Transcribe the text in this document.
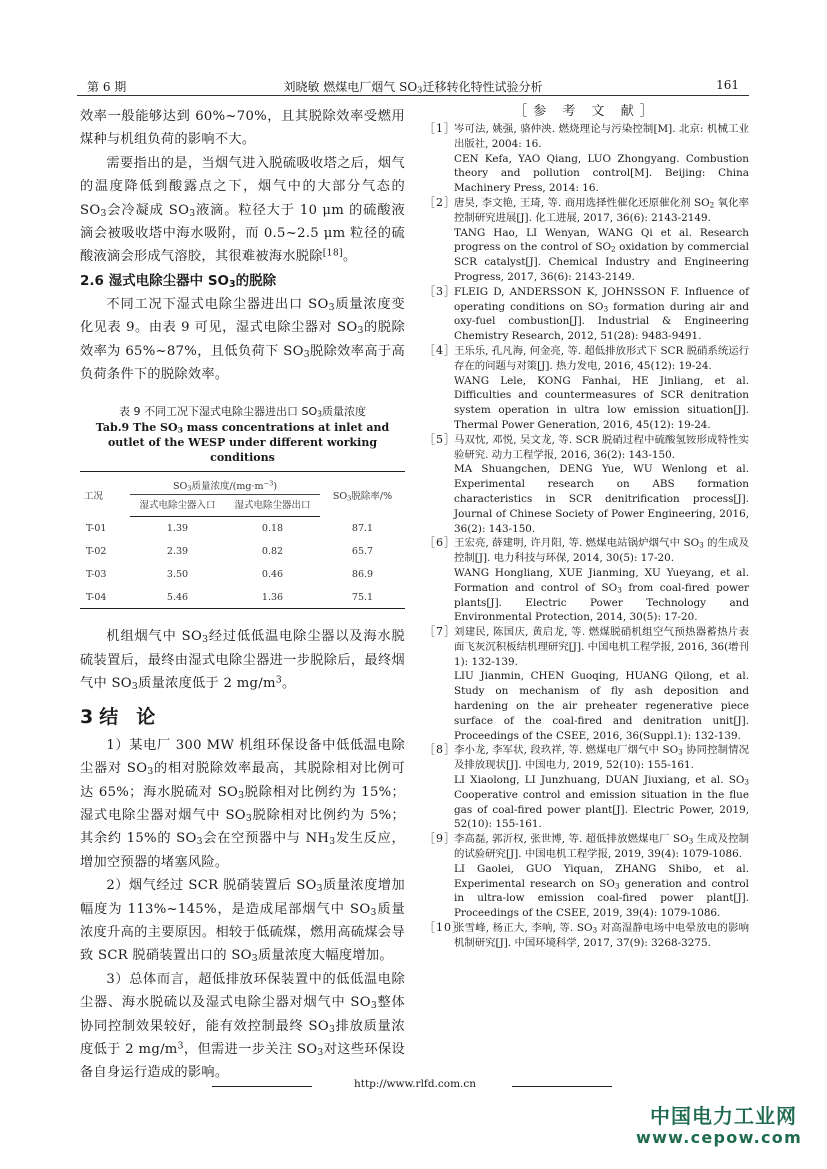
第 6 期	刘晓敏 燃煤电厂烟气 $SO_3$迁移转化特性试验分析	161

效率一般能够达到 60%~70%，且其脱除效率受燃用煤种与机组负荷的影响不大。

需要指出的是，当烟气进入脱硫吸收塔之后，烟气的温度降低到酸露点之下，烟气中的大部分气态的 $SO_3$会冷凝成 $SO_3$液滴。粒径大于 10 μm 的硫酸液滴会被吸收塔中海水吸附，而 0.5~2.5 μm 粒径的硫酸液滴会形成气溶胶，其很难被海水脱除[18]。

2.6 湿式电除尘器中 $SO_3$的脱除

不同工况下湿式电除尘器进出口 $SO_3$质量浓度变化见表 9。由表 9 可见，湿式电除尘器对 $SO_3$的脱除效率为 65%~87%，且低负荷下 $SO_3$脱除效率高于高负荷条件下的脱除效率。

表 9 不同工况下湿式电除尘器进出口 $SO_3$质量浓度
Tab.9 The $SO_3$ mass concentrations at inlet and outlet of the WESP under different working conditions
工况	$SO_3$质量浓度$/(mg\cdot m^{-3})$		$SO_3$脱除率/%
	湿式电除尘器入口	湿式电除尘器出口	
T-01	1.39	0.18	87.1
T-02	2.39	0.82	65.7
T-03	3.50	0.46	86.9
T-04	5.46	1.36	75.1

机组烟气中 $SO_3$经过低低温电除尘器以及海水脱硫装置后，最终由湿式电除尘器进一步脱除后，最终烟气中 $SO_3$质量浓度低于 2 $mg/m^3$。

3 结论

1）某电厂 300 MW 机组环保设备中低低温电除尘器对 $SO_3$的相对脱除效率最高，其脱除相对比例可达 65%；海水脱硫对 $SO_3$脱除相对比例约为 15%；湿式电除尘器对烟气中 $SO_3$脱除相对比例约为 5%；其余约 15%的 $SO_3$会在空预器中与 $NH_3$发生反应，增加空预器的堵塞风险。

2）烟气经过 SCR 脱硝装置后 $SO_3$质量浓度增加幅度为 113%~145%，是造成尾部烟气中 $SO_3$质量浓度升高的主要原因。相较于低硫煤，燃用高硫煤会导致 SCR 脱硝装置出口的 $SO_3$质量浓度大幅度增加。

3）总体而言，超低排放环保装置中的低低温电除尘器、海水脱硫以及湿式电除尘器对烟气中 $SO_3$整体协同控制效果较好，能有效控制最终 $SO_3$排放质量浓度低于 2 $mg/m^3$，但需进一步关注 $SO_3$对这些环保设备自身运行造成的影响。

［参 考 文 献］
［1］
岑可法, 姚强, 骆仲泱. 燃烧理论与污染控制[M]. 北京: 机械工业出版社, 2004: 16.
CEN Kefa, YAO Qiang, LUO Zhongyang. Combustion theory and pollution control[M]. Beijing: China Machinery Press, 2014: 16.
［2］
唐昊, 李文艳, 王琦, 等. 商用选择性催化还原催化剂 $SO_2$ 氧化率控制研究进展[J]. 化工进展, 2017, 36(6): 2143-2149.
TANG Hao, LI Wenyan, WANG Qi et al. Research progress on the control of $SO_2$ oxidation by commercial SCR catalyst[J]. Chemical Industry and Engineering Progress, 2017, 36(6): 2143-2149.
［3］
FLEIG D, ANDERSSON K, JOHNSSON F. Influence of operating conditions on $SO_3$ formation during air and oxy-fuel combustion[J]. Industrial & Engineering Chemistry Research, 2012, 51(28): 9483-9491.
［4］
王乐乐, 孔凡海, 何金亮, 等. 超低排放形式下 SCR 脱硝系统运行存在的问题与对策[J]. 热力发电, 2016, 45(12): 19-24.
WANG Lele, KONG Fanhai, HE Jinliang, et al. Difficulties and countermeasures of SCR denitration system operation in ultra low emission situation[J]. Thermal Power Generation, 2016, 45(12): 19-24.
［5］
马双忱, 邓悦, 吴文龙, 等. SCR 脱硝过程中硫酸氢铵形成特性实验研究. 动力工程学报, 2016, 36(2): 143-150.
MA Shuangchen, DENG Yue, WU Wenlong et al. Experimental research on ABS formation characteristics in SCR denitrification process[J]. Journal of Chinese Society of Power Engineering, 2016, 36(2): 143-150.
［6］
王宏亮, 薛建明, 许月阳, 等. 燃煤电站锅炉烟气中 $SO_3$ 的生成及控制[J]. 电力科技与环保, 2014, 30(5): 17-20.
WANG Hongliang, XUE Jianming, XU Yueyang, et al. Formation and control of $SO_3$ from coal-fired power plants[J]. Electric Power Technology and Environmental Protection, 2014, 30(5): 17-20.
［7］
刘建民, 陈国庆, 黄启龙, 等. 燃煤脱硝机组空气预热器蓄热片表面飞灰沉积板结机理研究[J]. 中国电机工程学报, 2016, 36(增刊 1): 132-139.
LIU Jianmin, CHEN Guoqing, HUANG Qilong, et al. Study on mechanism of fly ash deposition and hardening on the air preheater regenerative piece surface of the coal-fired and denitration unit[J]. Proceedings of the CSEE, 2016, 36(Suppl.1): 132-139.
［8］
李小龙, 李军状, 段玖祥, 等. 燃煤电厂烟气中 $SO_3$ 协同控制情况及排放现状[J]. 中国电力, 2019, 52(10): 155-161.
LI Xiaolong, LI Junzhuang, DUAN Jiuxiang, et al. $SO_3$ Cooperative control and emission situation in the flue gas of coal-fired power plant[J]. Electric Power, 2019, 52(10): 155-161.
［9］
李高磊, 郭沂权, 张世博, 等. 超低排放燃煤电厂 $SO_3$ 生成及控制的试验研究[J]. 中国电机工程学报, 2019, 39(4): 1079-1086.
LI Gaolei, GUO Yiquan, ZHANG Shibo, et al. Experimental research on $SO_3$ generation and control in ultra-low emission coal-fired power plant[J]. Proceedings of the CSEE, 2019, 39(4): 1079-1086.
［10］
张雪峰, 杨正大, 李响, 等. $SO_3$ 对高湿静电场中电晕放电的影响机制研究[J]. 中国环境科学, 2017, 37(9): 3268-3275.
http://www.rlfd.com.cn
中国电力工业网
www.cepow.com
